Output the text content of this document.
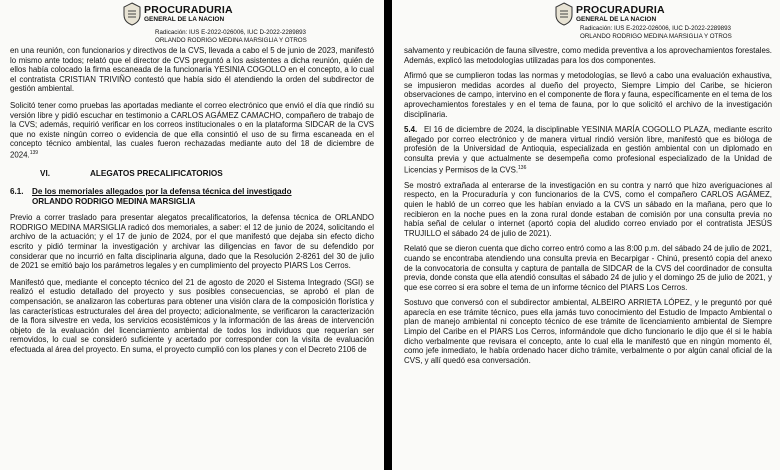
PROCURADURIA
GENERAL DE LA NACION
Radicación: IUS E-2022-026006, IUC D-2022-2289893
ORLANDO RODRIGO MEDINA MARSIGLIA Y OTROS

en una reunión, con funcionarios y directivos de la CVS, llevada a cabo el 5 de junio de 2023, manifestó lo mismo ante todos; relató que el director de CVS preguntó a los asistentes a dicha reunión, quién de ellos había colocado la firma escaneada de la funcionaria YESINIA COGOLLO en el concepto, a lo cual el contratista CRISTIAN TRIVIÑO contestó que había sido él atendiendo la orden del subdirector de gestión ambiental.

Solicitó tener como pruebas las aportadas mediante el correo electrónico que envió el día que rindió su versión libre y pidió escuchar en testimonio a CARLOS AGÁMEZ CAMACHO, compañero de trabajo de la CVS; además, requirió verificar en los correos institucionales o en la plataforma SIDCAR de la CVS que no existe ningún correo o evidencia de que ella consintió el uso de su firma escaneada en el concepto técnico ambiental, las cuales fueron rechazadas mediante auto del 18 de diciembre de 2024.$^{139}$

VI.	ALEGATOS PRECALIFICATORIOS
6.1. De los memoriales allegados por la defensa técnica del investigado
ORLANDO RODRIGO MEDINA MARSIGLIA

Previo a correr traslado para presentar alegatos precalificatorios, la defensa técnica de ORLANDO RODRIGO MEDINA MARSIGLIA radicó dos memoriales, a saber: el 12 de junio de 2024, solicitando el archivo de la actuación; y el 17 de junio de 2024, por el que manifestó que dejaba sin efecto dicho escrito y pidió terminar la investigación y archivar las diligencias en favor de su defendido por considerar que no incurrió en falta disciplinaria alguna, dado que la Resolución 2-8261 del 30 de julio de 2021 se emitió bajo los parámetros legales y en cumplimiento del proyecto PIARS Los Cerros.

Manifestó que, mediante el concepto técnico del 21 de agosto de 2020 el Sistema Integrado (SGI) se realizó el estudio detallado del proyecto y sus posibles consecuencias, se aprobó el plan de compensación, se analizaron las coberturas para obtener una visión clara de la composición florística y las características estructurales del área del proyecto; adicionalmente, se verificaron la caracterización de la flora silvestre en veda, los servicios ecosistémicos y la información de las áreas de intervención objeto de la evaluación del licenciamiento ambiental de todos los individuos que requerían ser removidos, lo cual se consideró suficiente y acertado por corresponder con la visita de evaluación efectuada al área del proyecto. En suma, el proyecto cumplió con los planes y con el Decreto 2106 de

PROCURADURIA
GENERAL DE LA NACION
Radicación: IUS E-2022-026006, IUC D-2022-2289893
ORLANDO RODRIGO MEDINA MARSIGLIA Y OTROS

salvamento y reubicación de fauna silvestre, como medida preventiva a los aprovechamientos forestales. Además, explicó las metodologías utilizadas para los dos componentes.

Afirmó que se cumplieron todas las normas y metodologías, se llevó a cabo una evaluación exhaustiva, se impusieron medidas acordes al dueño del proyecto, Siempre Limpio del Caribe, se hicieron observaciones de campo, intervino en el componente de flora y fauna, específicamente en el tema de los aprovechamientos forestales y en el tema de fauna, por lo que solicitó el archivo de la investigación disciplinaria.

5.4. El 16 de diciembre de 2024, la disciplinable YESINIA MARÍA COGOLLO PLAZA, mediante escrito allegado por correo electrónico y de manera virtual rindió versión libre, manifestó que es bióloga de profesión de la Universidad de Antioquia, especializada en gestión ambiental con un diplomado en consulta previa y que actualmente se desempeña como profesional especializado de la Unidad de Licencias y Permisos de la CVS.$^{136}$

Se mostró extrañada al enterarse de la investigación en su contra y narró que hizo averiguaciones al respecto, en la Procuraduría y con funcionarios de la CVS, como el compañero CARLOS AGÁMEZ, quien le habló de un correo que les habían enviado a la CVS un sábado en la mañana, pero que lo recibieron en la noche pues en la zona rural donde estaban de comisión por una consulta previa no había señal de celular o internet (aportó copia del aludido correo enviado por el contratista JESÚS TRUJILLO el sábado 24 de julio de 2021).

Relató que se dieron cuenta que dicho correo entró como a las 8:00 p.m. del sábado 24 de julio de 2021, cuando se encontraba atendiendo una consulta previa en Becarpigar - Chinú, presentó copia del anexo de la convocatoria de consulta y captura de pantalla de SIDCAR de la CVS del coordinador de consulta previa, donde consta que ella atendió consultas el sábado 24 de julio y el domingo 25 de julio de 2021, y que ese correo si era sobre el tema de un informe técnico del PIARS Los Cerros.

Sostuvo que conversó con el subdirector ambiental, ALBEIRO ARRIETA LÓPEZ, y le preguntó por qué aparecía en ese trámite técnico, pues ella jamás tuvo conocimiento del Estudio de Impacto Ambiental o plan de manejo ambiental ni concepto técnico de ese trámite de licenciamiento ambiental de Siempre Limpio del Caribe en el PIARS Los Cerros, informándole que dicho funcionario le dijo que él si le había dicho verbalmente que revisara el concepto, ante lo cual ella le manifestó que en ningún momento él, como jefe inmediato, le había ordenado hacer dicho trámite, verbalmente o por algún canal oficial de la CVS, y allí quedó esa conversación.
